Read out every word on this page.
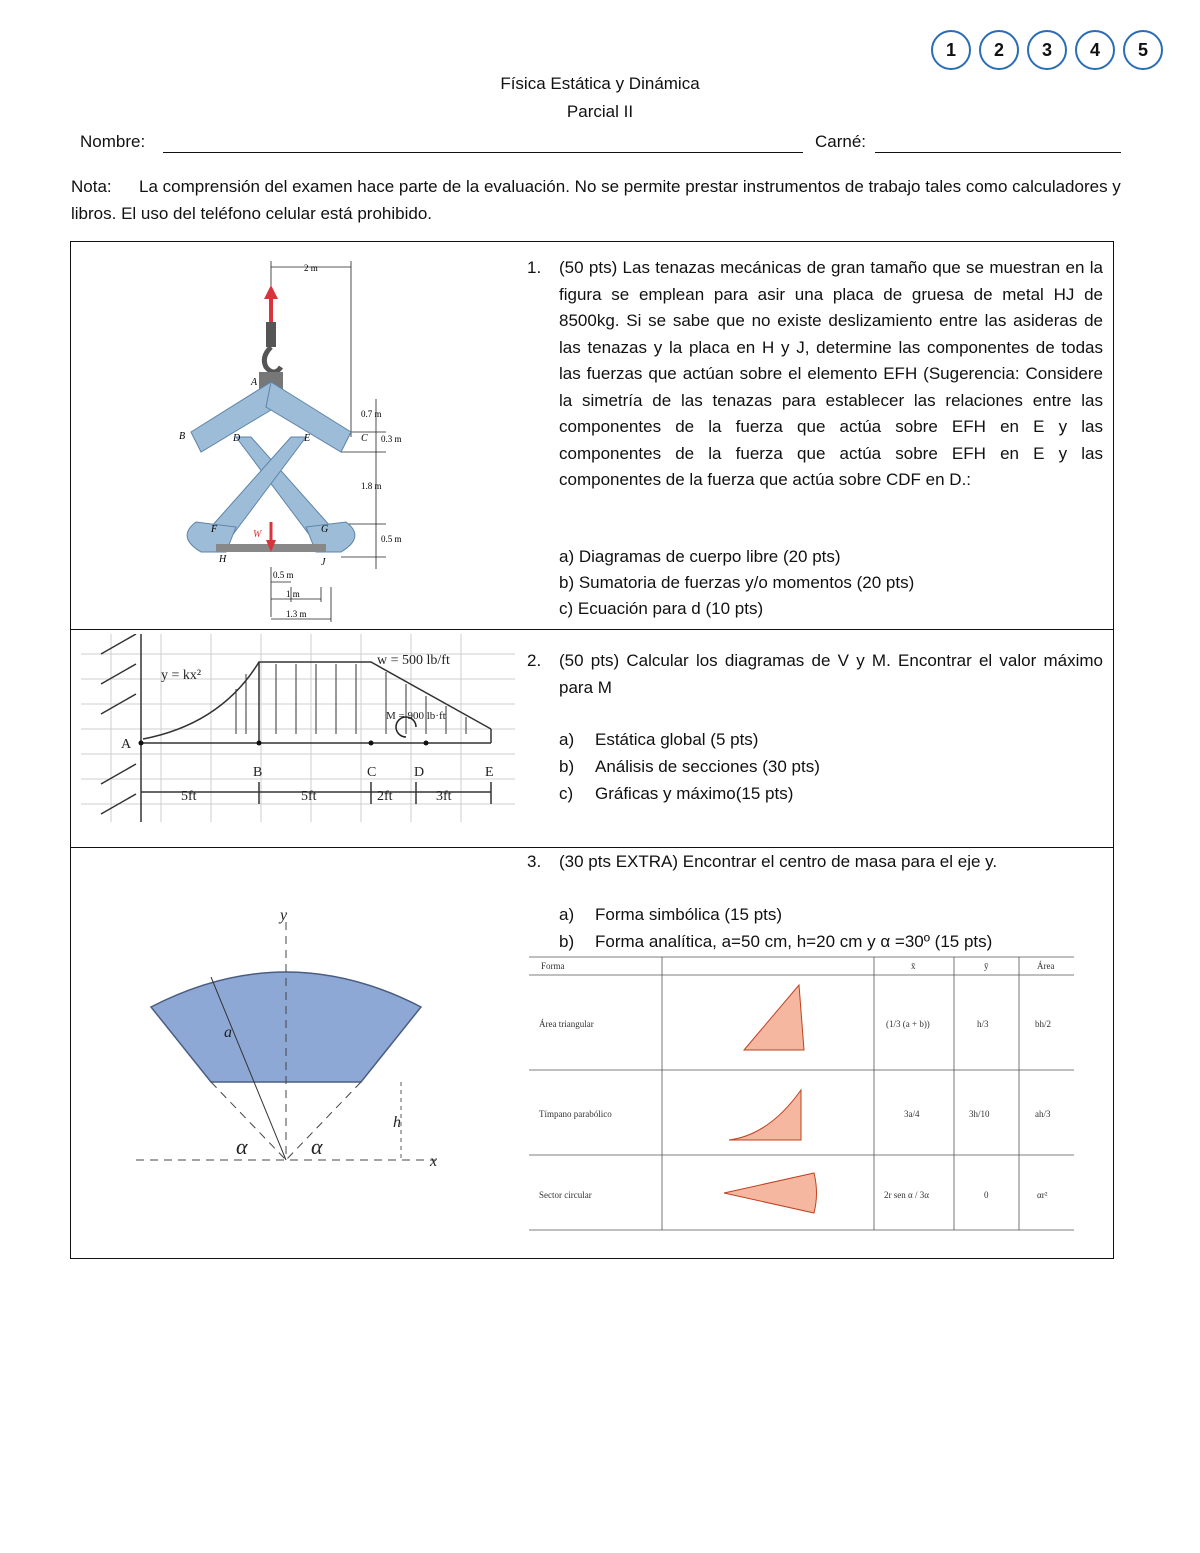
1	2	3	4	5
Física Estática y Dinámica
Parcial II
Nombre:	Carné:
Nota: La comprensión del examen hace parte de la evaluación. No se permite prestar instrumentos de trabajo tales como calculadores y libros. El uso del teléfono celular está prohibido.
2 m
0.7 m
0.3 m
1.8 m
0.5 m
0.5 m
1 m
1.3 m
A
B	D	E	C
F	G
H	J
W
1. (50 pts) Las tenazas mecánicas de gran tamaño que se muestran en la figura se emplean para asir una placa de gruesa de metal HJ de 8500kg. Si se sabe que no existe deslizamiento entre las asideras de las tenazas y la placa en H y J, determine las componentes de todas las fuerzas que actúan sobre el elemento EFH (Sugerencia: Considere la simetría de las tenazas para establecer las relaciones entre las componentes de la fuerza que actúa sobre EFH en E y las componentes de la fuerza que actúa sobre EFH en E y las componentes de la fuerza que actúa sobre CDF en D.:
a) Diagramas de cuerpo libre (20 pts)
b) Sumatoria de fuerzas y/o momentos (20 pts)
c) Ecuación para d (10 pts)
y = kx²
w = 500 lb/ft
M = 900 lb·ft
A
B	C	D	E
5ft	5ft	2ft	3ft
2. (50 pts) Calcular los diagramas de V y M. Encontrar el valor máximo para M
a) Estática global (5 pts)
b) Análisis de secciones (30 pts)
c) Gráficas y máximo(15 pts)
y
x
a
h
α	α
3. (30 pts EXTRA) Encontrar el centro de masa para el eje y.
a) Forma simbólica (15 pts)
b) Forma analítica, a=50 cm, h=20 cm y α =30º (15 pts)
Forma	x̄	ȳ	Área
Área triangular	(1/3 (a + b))	h/3	bh/2
Tímpano parabólico	3a/4	3h/10	ah/3
Sector circular	2r sen α / 3α	0	αr²
